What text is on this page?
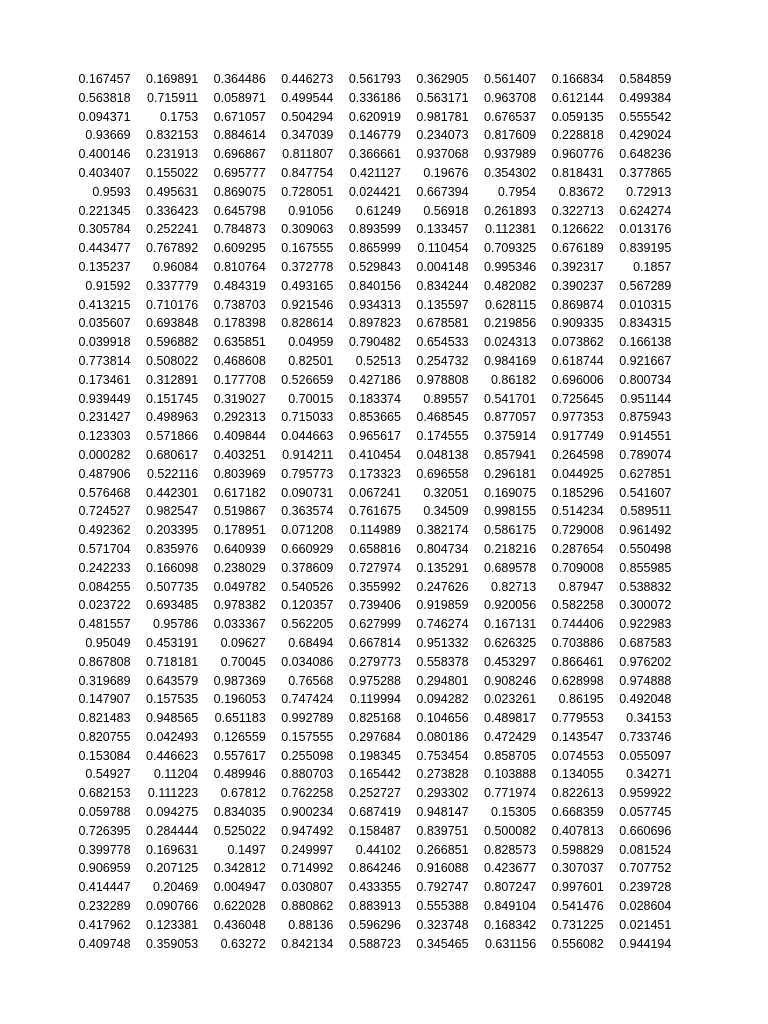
0.167457	0.169891	0.364486	0.446273	0.561793	0.362905	0.561407	0.166834	0.584859
0.563818	0.715911	0.058971	0.499544	0.336186	0.563171	0.963708	0.612144	0.499384
0.094371	0.1753	0.671057	0.504294	0.620919	0.981781	0.676537	0.059135	0.555542
0.93669	0.832153	0.884614	0.347039	0.146779	0.234073	0.817609	0.228818	0.429024
0.400146	0.231913	0.696867	0.811807	0.366661	0.937068	0.937989	0.960776	0.648236
0.403407	0.155022	0.695777	0.847754	0.421127	0.19676	0.354302	0.818431	0.377865
0.9593	0.495631	0.869075	0.728051	0.024421	0.667394	0.7954	0.83672	0.72913
0.221345	0.336423	0.645798	0.91056	0.61249	0.56918	0.261893	0.322713	0.624274
0.305784	0.252241	0.784873	0.309063	0.893599	0.133457	0.112381	0.126622	0.013176
0.443477	0.767892	0.609295	0.167555	0.865999	0.110454	0.709325	0.676189	0.839195
0.135237	0.96084	0.810764	0.372778	0.529843	0.004148	0.995346	0.392317	0.1857
0.91592	0.337779	0.484319	0.493165	0.840156	0.834244	0.482082	0.390237	0.567289
0.413215	0.710176	0.738703	0.921546	0.934313	0.135597	0.628115	0.869874	0.010315
0.035607	0.693848	0.178398	0.828614	0.897823	0.678581	0.219856	0.909335	0.834315
0.039918	0.596882	0.635851	0.04959	0.790482	0.654533	0.024313	0.073862	0.166138
0.773814	0.508022	0.468608	0.82501	0.52513	0.254732	0.984169	0.618744	0.921667
0.173461	0.312891	0.177708	0.526659	0.427186	0.978808	0.86182	0.696006	0.800734
0.939449	0.151745	0.319027	0.70015	0.183374	0.89557	0.541701	0.725645	0.951144
0.231427	0.498963	0.292313	0.715033	0.853665	0.468545	0.877057	0.977353	0.875943
0.123303	0.571866	0.409844	0.044663	0.965617	0.174555	0.375914	0.917749	0.914551
0.000282	0.680617	0.403251	0.914211	0.410454	0.048138	0.857941	0.264598	0.789074
0.487906	0.522116	0.803969	0.795773	0.173323	0.696558	0.296181	0.044925	0.627851
0.576468	0.442301	0.617182	0.090731	0.067241	0.32051	0.169075	0.185296	0.541607
0.724527	0.982547	0.519867	0.363574	0.761675	0.34509	0.998155	0.514234	0.589511
0.492362	0.203395	0.178951	0.071208	0.114989	0.382174	0.586175	0.729008	0.961492
0.571704	0.835976	0.640939	0.660929	0.658816	0.804734	0.218216	0.287654	0.550498
0.242233	0.166098	0.238029	0.378609	0.727974	0.135291	0.689578	0.709008	0.855985
0.084255	0.507735	0.049782	0.540526	0.355992	0.247626	0.82713	0.87947	0.538832
0.023722	0.693485	0.978382	0.120357	0.739406	0.919859	0.920056	0.582258	0.300072
0.481557	0.95786	0.033367	0.562205	0.627999	0.746274	0.167131	0.744406	0.922983
0.95049	0.453191	0.09627	0.68494	0.667814	0.951332	0.626325	0.703886	0.687583
0.867808	0.718181	0.70045	0.034086	0.279773	0.558378	0.453297	0.866461	0.976202
0.319689	0.643579	0.987369	0.76568	0.975288	0.294801	0.908246	0.628998	0.974888
0.147907	0.157535	0.196053	0.747424	0.119994	0.094282	0.023261	0.86195	0.492048
0.821483	0.948565	0.651183	0.992789	0.825168	0.104656	0.489817	0.779553	0.34153
0.820755	0.042493	0.126559	0.157555	0.297684	0.080186	0.472429	0.143547	0.733746
0.153084	0.446623	0.557617	0.255098	0.198345	0.753454	0.858705	0.074553	0.055097
0.54927	0.11204	0.489946	0.880703	0.165442	0.273828	0.103888	0.134055	0.34271
0.682153	0.111223	0.67812	0.762258	0.252727	0.293302	0.771974	0.822613	0.959922
0.059788	0.094275	0.834035	0.900234	0.687419	0.948147	0.15305	0.668359	0.057745
0.726395	0.284444	0.525022	0.947492	0.158487	0.839751	0.500082	0.407813	0.660696
0.399778	0.169631	0.1497	0.249997	0.44102	0.266851	0.828573	0.598829	0.081524
0.906959	0.207125	0.342812	0.714992	0.864246	0.916088	0.423677	0.307037	0.707752
0.414447	0.20469	0.004947	0.030807	0.433355	0.792747	0.807247	0.997601	0.239728
0.232289	0.090766	0.622028	0.880862	0.883913	0.555388	0.849104	0.541476	0.028604
0.417962	0.123381	0.436048	0.88136	0.596296	0.323748	0.168342	0.731225	0.021451
0.409748	0.359053	0.63272	0.842134	0.588723	0.345465	0.631156	0.556082	0.944194
